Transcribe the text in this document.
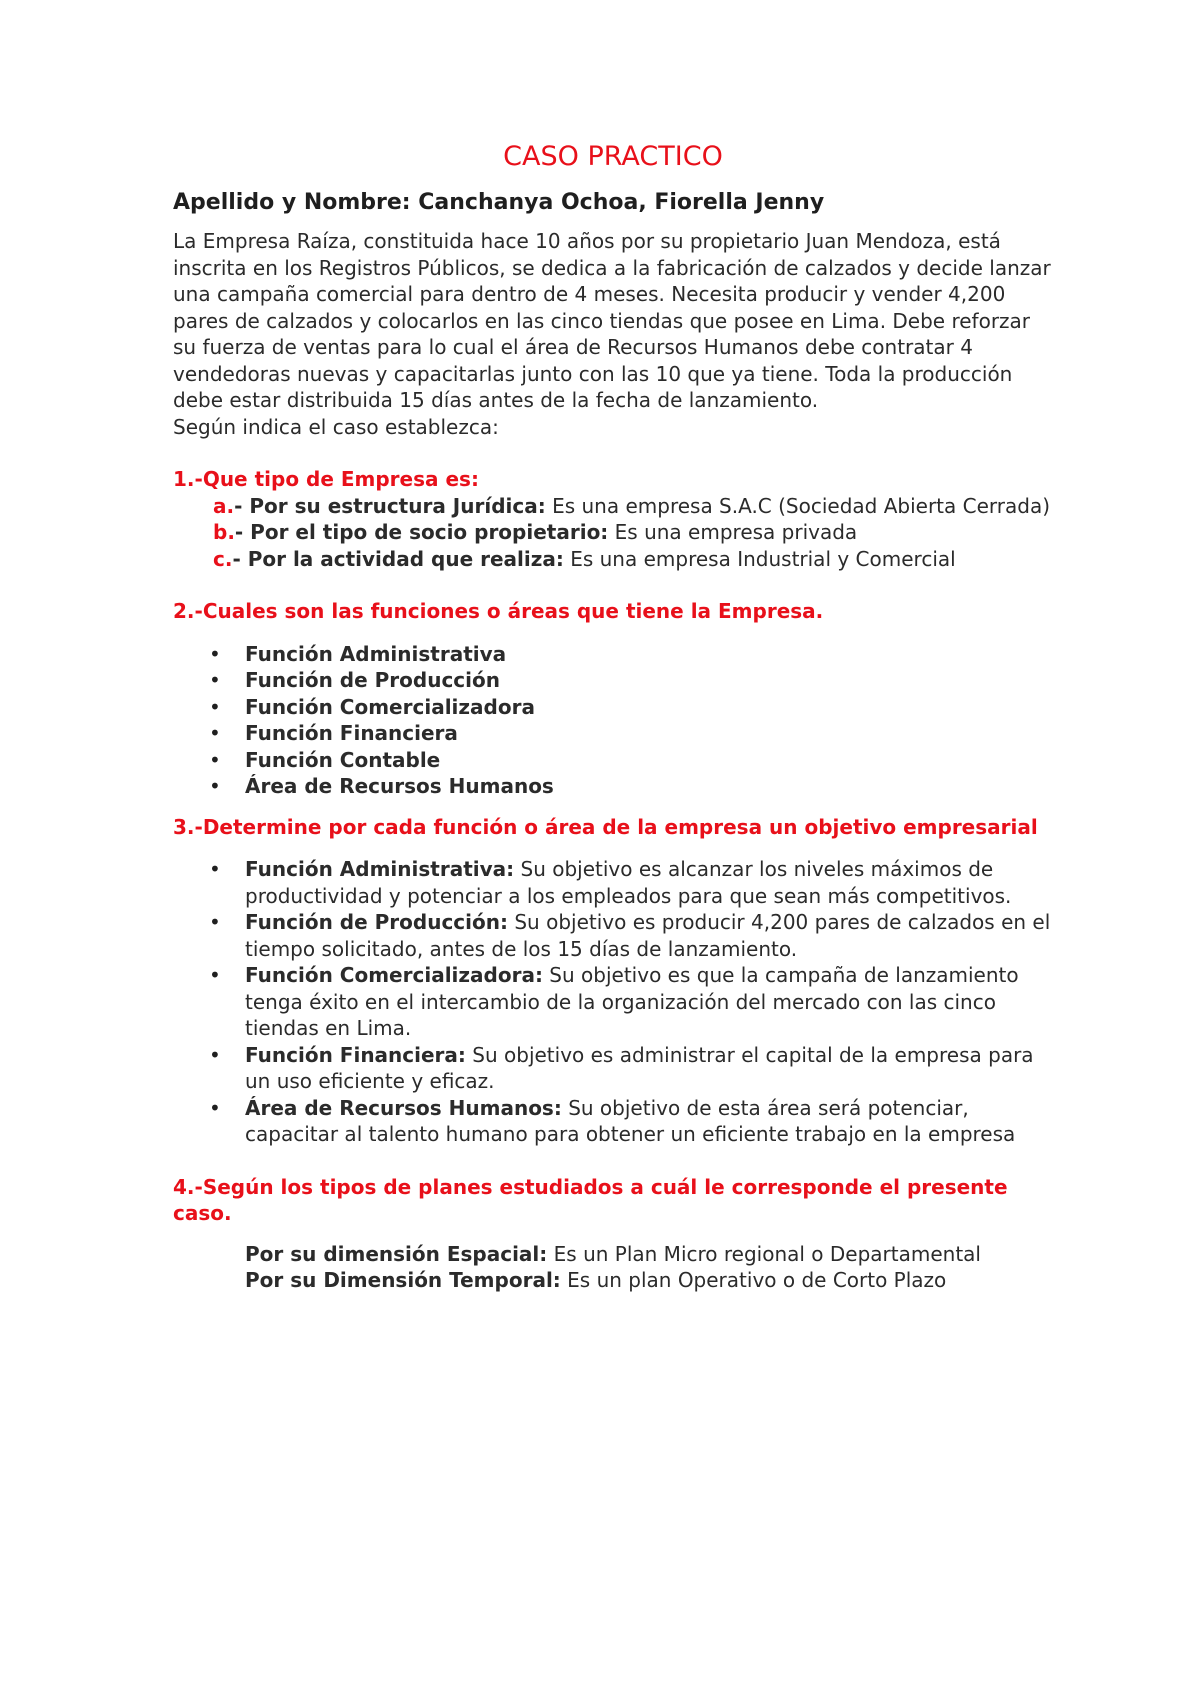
CASO PRACTICO

Apellido y Nombre: Canchanya Ochoa, Fiorella Jenny

La Empresa Raíza, constituida hace 10 años por su propietario Juan Mendoza, está inscrita en los Registros Públicos, se dedica a la fabricación de calzados y decide lanzar una campaña comercial para dentro de 4 meses. Necesita producir y vender 4,200 pares de calzados y colocarlos en las cinco tiendas que posee en Lima. Debe reforzar su fuerza de ventas para lo cual el área de Recursos Humanos debe contratar 4 vendedoras nuevas y capacitarlas junto con las 10 que ya tiene. Toda la producción debe estar distribuida 15 días antes de la fecha de lanzamiento.

Según indica el caso establezca:

1.-Que tipo de Empresa es:

a.- Por su estructura Jurídica: Es una empresa S.A.C (Sociedad Abierta Cerrada)

b.- Por el tipo de socio propietario: Es una empresa privada

c.- Por la actividad que realiza: Es una empresa Industrial y Comercial

2.-Cuales son las funciones o áreas que tiene la Empresa.

• Función Administrativa
• Función de Producción
• Función Comercializadora
• Función Financiera
• Función Contable
• Área de Recursos Humanos

3.-Determine por cada función o área de la empresa un objetivo empresarial

• Función Administrativa: Su objetivo es alcanzar los niveles máximos de productividad y potenciar a los empleados para que sean más competitivos.
• Función de Producción: Su objetivo es producir 4,200 pares de calzados en el tiempo solicitado, antes de los 15 días de lanzamiento.
• Función Comercializadora: Su objetivo es que la campaña de lanzamiento tenga éxito en el intercambio de la organización del mercado con las cinco tiendas en Lima.
• Función Financiera: Su objetivo es administrar el capital de la empresa para un uso eficiente y eficaz.
• Área de Recursos Humanos: Su objetivo de esta área será potenciar, capacitar al talento humano para obtener un eficiente trabajo en la empresa

4.-Según los tipos de planes estudiados a cuál le corresponde el presente caso.

Por su dimensión Espacial: Es un Plan Micro regional o Departamental

Por su Dimensión Temporal: Es un plan Operativo o de Corto Plazo
